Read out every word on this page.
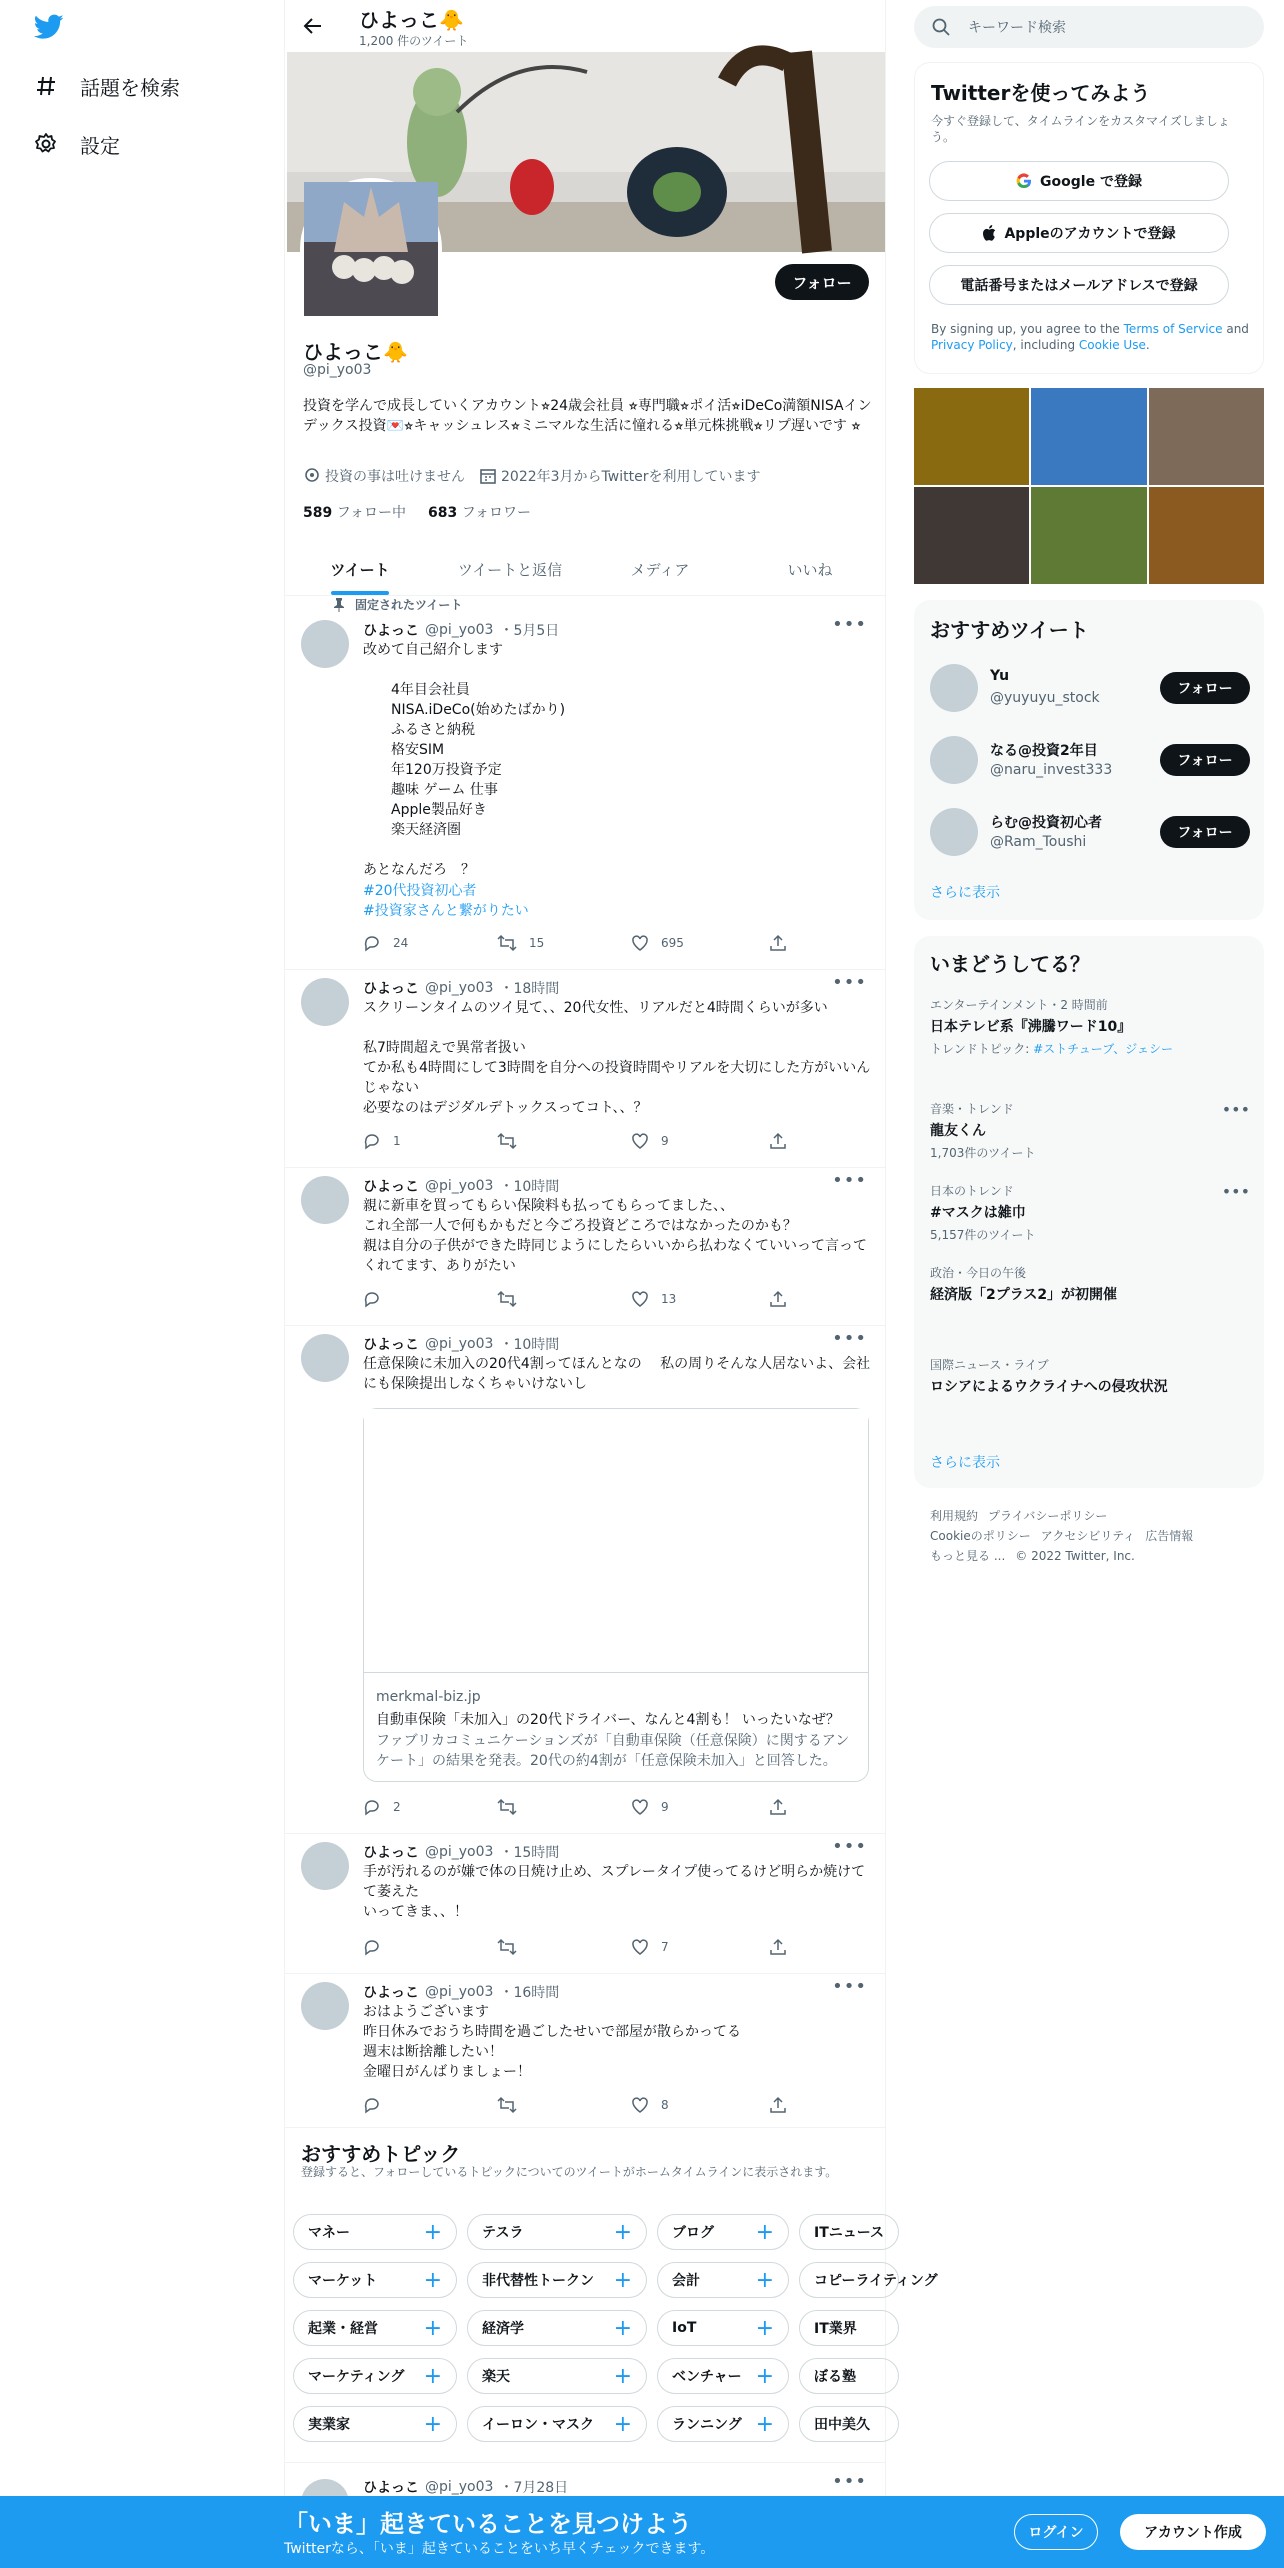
話題を検索
設定
ひよっこ🐥
1,200 件のツイート
フォロー
ひよっこ🐥
@pi_yo03
投資を学んで成長していくアカウント⭐︎24歳会社員 ⭐︎専門職⭐︎ポイ活⭐︎iDeCo満額NISAインデックス投資💌⭐︎キャッシュレス⭐︎ミニマルな生活に憧れる⭐︎単元株挑戦⭐︎リプ遅いです ⭐︎
投資の事は吐けません	2022年3月からTwitterを利用しています
589 フォロー中 683 フォロワー
ツイート	ツイートと返信	メディア	いいね
固定されたツイート
ひよっこ @pi_yo03 ・5月5日	•••
改めて自己紹介します

　　4年目会社員
　　NISA.iDeCo(始めたばかり)
　　ふるさと納税
　　格安SIM
　　年120万投資予定
　　趣味 ゲーム 仕事
　　Apple製品好き
　　楽天経済圏

あとなんだろ　？
#20代投資初心者
#投資家さんと繋がりたい
24	15	695
ひよっこ @pi_yo03 ・18時間	•••
スクリーンタイムのツイ見て、、20代女性、リアルだと4時間くらいが多い

私7時間超えで異常者扱い
てか私も4時間にして3時間を自分への投資時間やリアルを大切にした方がいいんじゃない
必要なのはデジダルデトックスってコト、、？
1	9
ひよっこ @pi_yo03 ・10時間	•••
親に新車を買ってもらい保険料も払ってもらってました、、
これ全部一人で何もかもだと今ごろ投資どころではなかったのかも？
親は自分の子供ができた時同じようにしたらいいから払わなくていいって言ってくれてます、ありがたい
13
ひよっこ @pi_yo03 ・10時間	•••
任意保険に未加入の20代4割ってほんとなの　 私の周りそんな人居ないよ、会社にも保険提出しなくちゃいけないし
2	9
merkmal-biz.jp
自動車保険「未加入」の20代ドライバー、なんと4割も！ いったいなぜ？
ファブリカコミュニケーションズが「自動車保険（任意保険）に関するアンケート」の結果を発表。20代の約4割が「任意保険未加入」と回答した。
ひよっこ @pi_yo03 ・15時間	•••
手が汚れるのが嫌で体の日焼け止め、スプレータイプ使ってるけど明らか焼けてて萎えた
いってきま、、！
7
ひよっこ @pi_yo03 ・16時間	•••
おはようございます
昨日休みでおうち時間を過ごしたせいで部屋が散らかってる
週末は断捨離したい！
金曜日がんばりましょー！
8
おすすめトピック
登録すると、フォローしているトピックについてのツイートがホームタイムラインに表示されます。
マネー	+	テスラ	+	ブログ +	ITニュース
マーケット +	非代替性トークン +	会計	+	コピーライティング
起業・経営 +	経済学	+	IoT	+	IT業界
マーケティング +	楽天	+	ベンチャー +	ぼる塾
実業家	+	イーロン・マスク +	ランニング +	田中美久
ひよっこ @pi_yo03 ・7月28日	•••
キーワード検索
Twitterを使ってみよう
今すぐ登録して、タイムラインをカスタマイズしましょう。
Google で登録
Appleのアカウントで登録
電話番号またはメールアドレスで登録
By signing up, you agree to the Terms of Service and Privacy Policy, including Cookie Use.
おすすめツイート
Yu
@yuyuyu_stock
フォロー
なる@投資2年目
@naru_invest333
フォロー
らむ@投資初心者
@Ram_Toushi
フォロー
さらに表示
いまどうしてる？
エンターテインメント・2 時間前
日本テレビ系『沸騰ワード10』
トレンドトピック: #ストチューブ、ジェシー
音楽・トレンド
龍友くん
1,703件のツイート
•••
日本のトレンド
#マスクは雑巾
5,157件のツイート
•••
政治・今日の午後
経済版「2プラス2」が初開催
国際ニュース・ライブ
ロシアによるウクライナへの侵攻状況
さらに表示
利用規約 プライバシーポリシー
Cookieのポリシー アクセシビリティ 広告情報
もっと見る ... © 2022 Twitter, Inc.
「いま」起きていることを見つけよう
Twitterなら、「いま」起きていることをいち早くチェックできます。
ログイン	アカウント作成
